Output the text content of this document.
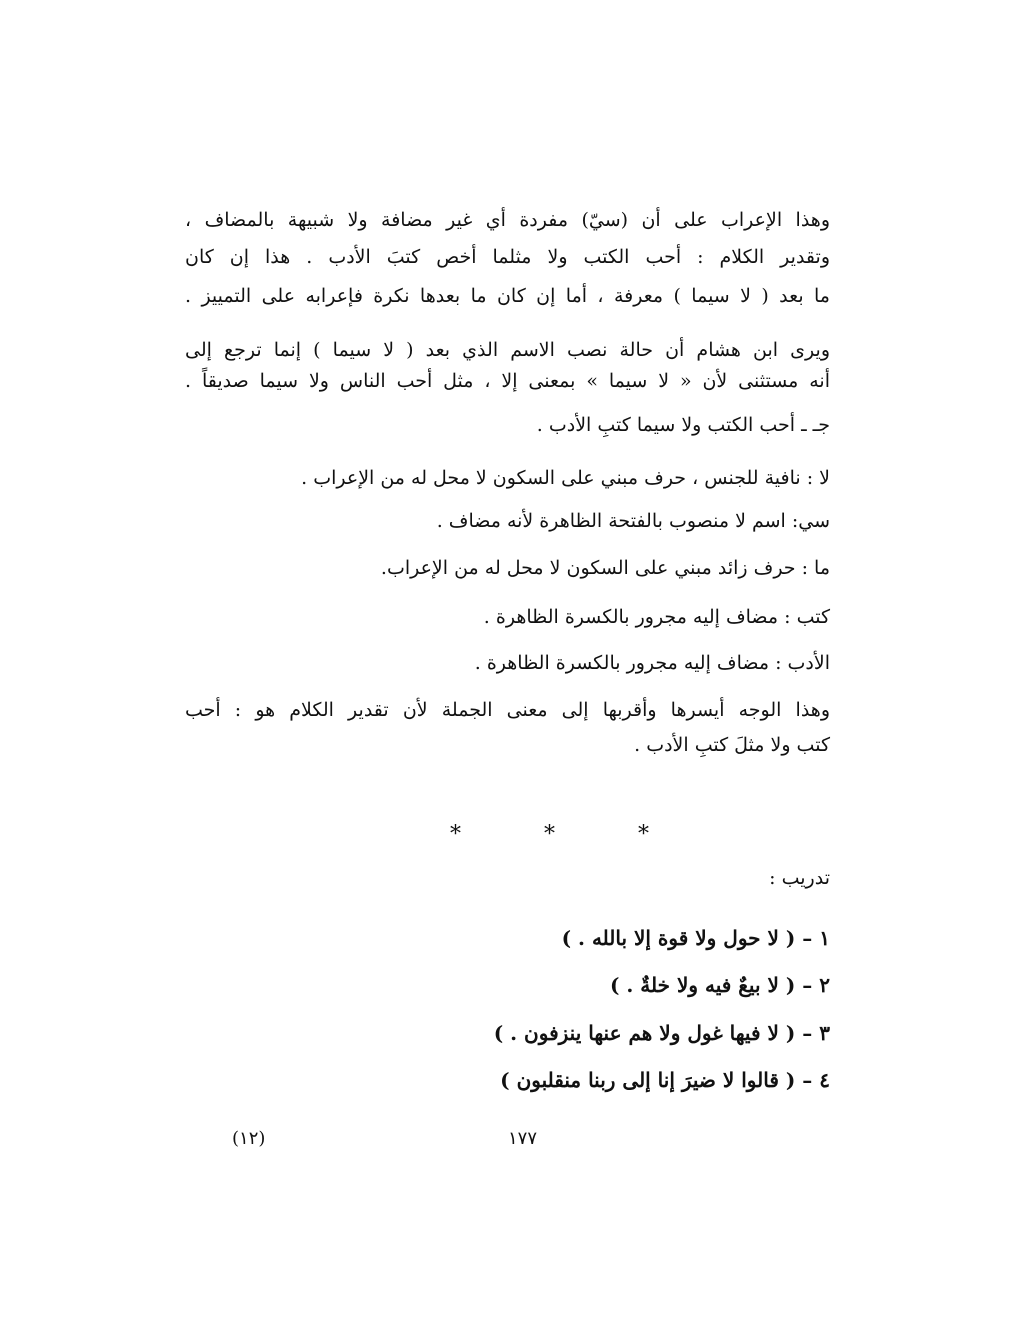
وهذا الإعراب على أن (سيّ) مفردة أي غير مضافة ولا شبيهة بالمضاف ،
وتقدير الكلام : أحب الكتب ولا مثلما أخص كتبَ الأدب . هذا إن كان
ما بعد ( لا سيما ) معرفة ، أما إن كان ما بعدها نكرة فإعرابه على التمييز .
ويرى ابن هشام أن حالة نصب الاسم الذي بعد ( لا سيما ) إنما ترجع إلى
أنه مستثنى لأن « لا سيما » بمعنى إلا ، مثل أحب الناس ولا سيما صديقاً .
جـ ـ أحب الكتب ولا سيما كتبِ الأدب .
لا : نافية للجنس ، حرف مبني على السكون لا محل له من الإعراب .
سي: اسم لا منصوب بالفتحة الظاهرة لأنه مضاف .
ما : حرف زائد مبني على السكون لا محل له من الإعراب.
كتب : مضاف إليه مجرور بالكسرة الظاهرة .
الأدب : مضاف إليه مجرور بالكسرة الظاهرة .
وهذا الوجه أيسرها وأقربها إلى معنى الجملة لأن تقدير الكلام هو : أحب
كتب ولا مثلَ كتبِ الأدب .
* * *
تدريب :
١ – ( لا حول ولا قوة إلا بالله . )
٢ – ( لا بيعٌ فيه ولا خلةٌ . )
٣ – ( لا فيها غول ولا هم عنها ينزفون . )
٤ – ( قالوا لا ضيرَ إنا إلى ربنا منقلبون )
١٧٧
(١٢)
